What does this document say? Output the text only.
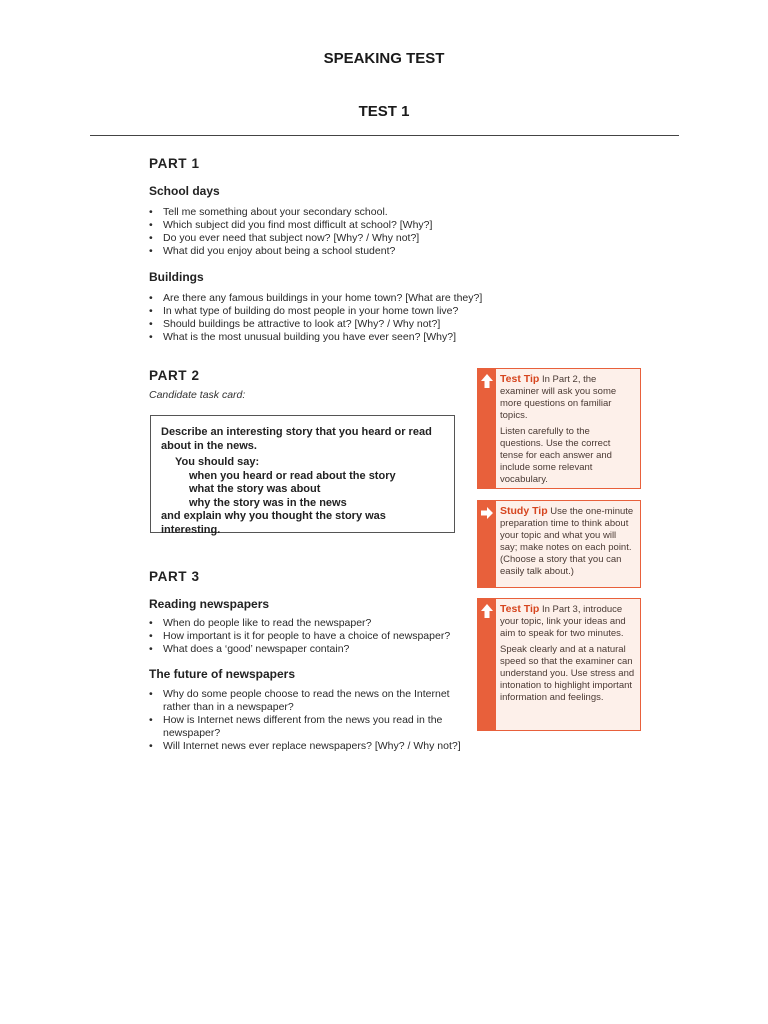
SPEAKING TEST
TEST 1
PART 1
School days
• Tell me something about your secondary school.
• Which subject did you find most difficult at school? [Why?]
• Do you ever need that subject now? [Why? / Why not?]
• What did you enjoy about being a school student?
Buildings
• Are there any famous buildings in your home town? [What are they?]
• In what type of building do most people in your home town live?
• Should buildings be attractive to look at? [Why? / Why not?]
• What is the most unusual building you have ever seen? [Why?]
PART 2
Candidate task card:
Describe an interesting story that you heard or read
about in the news.
You should say:
when you heard or read about the story
what the story was about
why the story was in the news
and explain why you thought the story was interesting.
PART 3
Reading newspapers
• When do people like to read the newspaper?
• How important is it for people to have a choice of newspaper?
• What does a ‘good’ newspaper contain?
The future of newspapers
• Why do some people choose to read the news on the Internet
rather than in a newspaper?
• How is Internet news different from the news you read in the
newspaper?
• Will Internet news ever replace newspapers? [Why? / Why not?]

Test Tip In Part 2, the examiner will ask you some more questions on familiar topics.

Listen carefully to the questions. Use the correct tense for each answer and include some relevant vocabulary.

Study Tip Use the one-minute preparation time to think about your topic and what you will say; make notes on each point. (Choose a story that you can easily talk about.)

Test Tip In Part 3, introduce your topic, link your ideas and aim to speak for two minutes.

Speak clearly and at a natural speed so that the examiner can understand you. Use stress and intonation to highlight important information and feelings.
